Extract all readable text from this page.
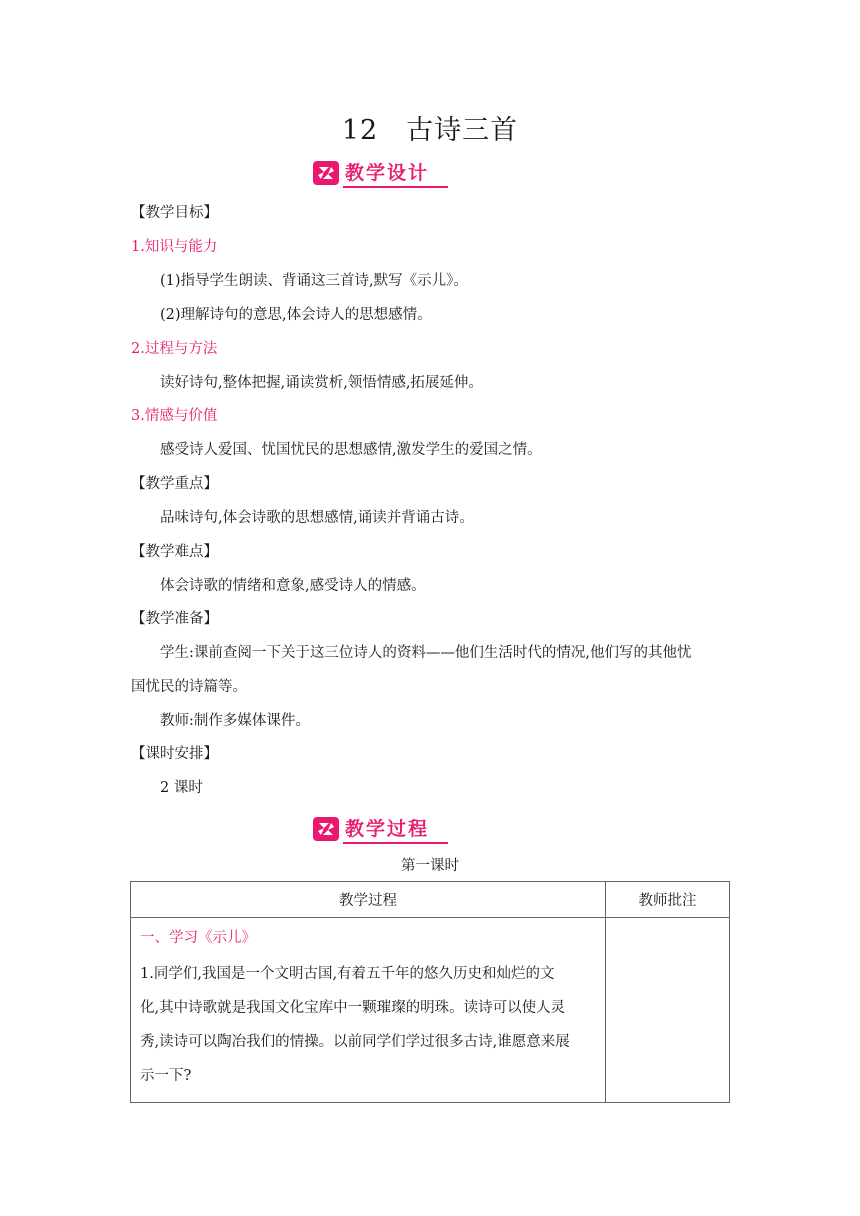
12 古诗三首
教学设计
【教学目标】
1.知识与能力
(1)指导学生朗读、背诵这三首诗,默写《示儿》。
(2)理解诗句的意思,体会诗人的思想感情。
2.过程与方法
读好诗句,整体把握,诵读赏析,领悟情感,拓展延伸。
3.情感与价值
感受诗人爱国、忧国忧民的思想感情,激发学生的爱国之情。
【教学重点】
品味诗句,体会诗歌的思想感情,诵读并背诵古诗。
【教学难点】
体会诗歌的情绪和意象,感受诗人的情感。
【教学准备】
学生:课前查阅一下关于这三位诗人的资料——他们生活时代的情况,他们写的其他忧
国忧民的诗篇等。
教师:制作多媒体课件。
【课时安排】
2 课时
教学过程
第一课时
教学过程	教师批注

一、学习《示儿》
1.同学们,我国是一个文明古国,有着五千年的悠久历史和灿烂的文
化,其中诗歌就是我国文化宝库中一颗璀璨的明珠。读诗可以使人灵
秀,读诗可以陶冶我们的情操。以前同学们学过很多古诗,谁愿意来展
示一下?	
